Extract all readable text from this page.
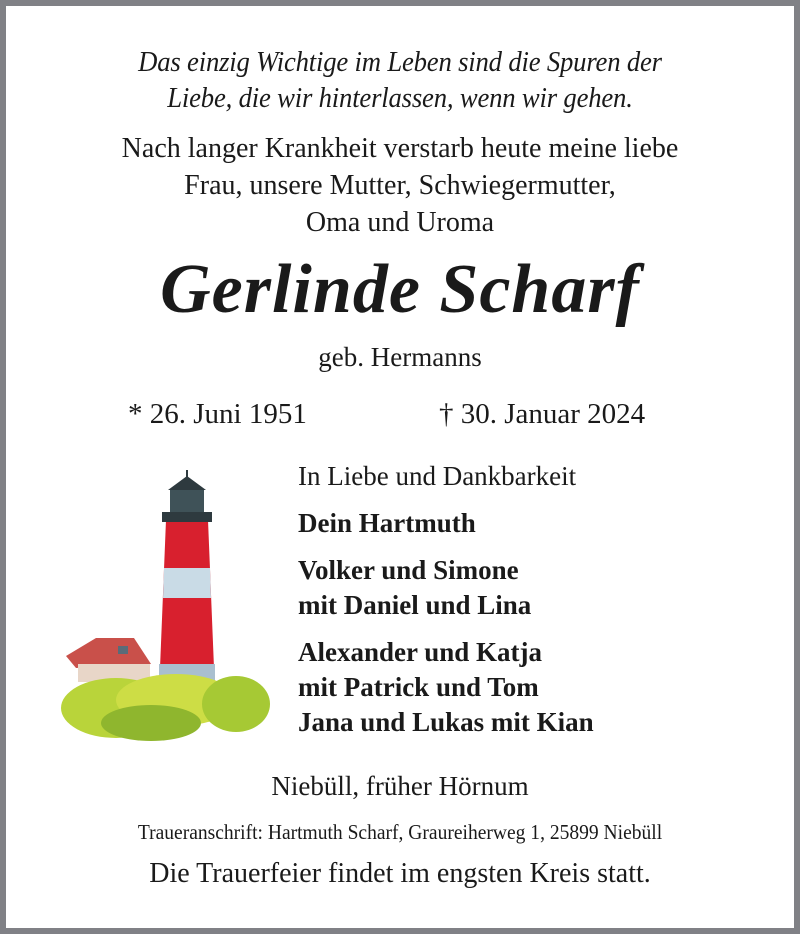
Das einzig Wichtige im Leben sind die Spuren der
Liebe, die wir hinterlassen, wenn wir gehen.
Nach langer Krankheit verstarb heute meine liebe
Frau, unsere Mutter, Schwiegermutter,
Oma und Uroma
Gerlinde Scharf
geb. Hermanns
* 26. Juni 1951	† 30. Januar 2024
In Liebe und Dankbarkeit
Dein Hartmuth
Volker und Simone
mit Daniel und Lina
Alexander und Katja
mit Patrick und Tom
Jana und Lukas mit Kian
Niebüll, früher Hörnum
Traueranschrift: Hartmuth Scharf, Graureiherweg 1, 25899 Niebüll
Die Trauerfeier findet im engsten Kreis statt.
